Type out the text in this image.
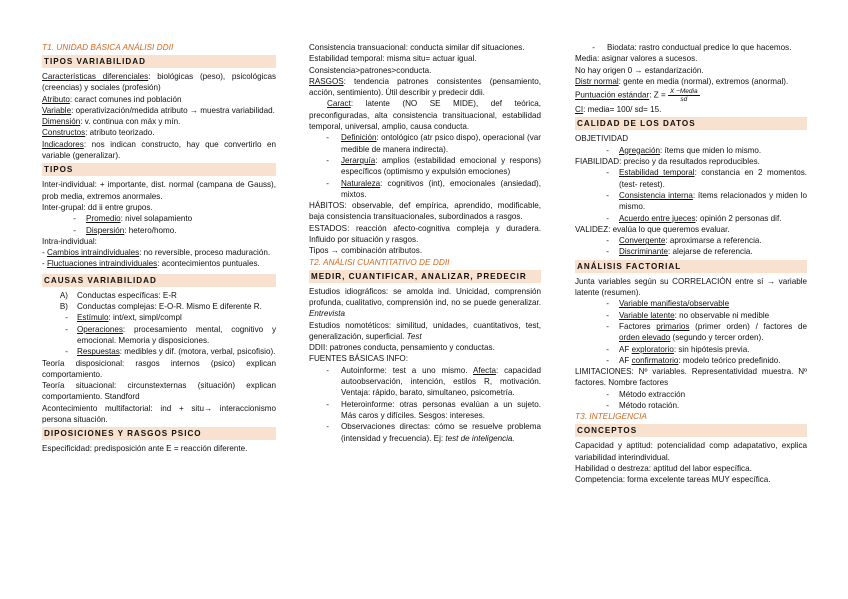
T1. UNIDAD BÁSICA ANÁLISI DDII
TIPOS VARIABILIDAD

Características diferenciales: biológicas (peso), psicológicas (creencias) y sociales (profesión)

Atributo: caract comunes ind población

Variable: operativización/medida atributo → muestra variabilidad.

Dimensión: v. continua con máx y mín.

Constructos: atributo teorizado.

Indicadores: nos indican constructo, hay que convertirlo en variable (generalizar).

TIPOS

Inter-individual: + importante, dist. normal (campana de Gauss), prob media, extremos anormales.

Inter-grupal: dd ii entre grupos.

-	Promedio: nivel solapamiento
-	Dispersión: hetero/homo.

Intra-individual:

- Cambios intraindividuales: no reversible, proceso maduración.

- Fluctuaciones intraindividuales: acontecimientos puntuales.

CAUSAS VARIABILIDAD
A)	Conductas específicas: E-R
B)	Conductas complejas: E-O-R. Mismo E diferente R.
-	Estímulo: int/ext, simpl/compl
-	Operaciones: procesamiento mental, cognitivo y emocional. Memoria y disposiciones.
-	Respuestas: medibles y dif. (motora, verbal, psicofisio).

Teoría disposicional: rasgos internos (psico) explican comportamiento.

Teoría situacional: circunstexternas (situación) explican comportamiento. Standford

Acontecimiento multifactorial: ind + situ→ interaccionismo persona situación.

DIPOSICIONES Y RASGOS PSICO

Especificidad: predisposición ante E = reacción diferente.

Consistencia transuacional: conducta similar dif situaciones.

Estabilidad temporal: misma situ= actuar igual.

Consistencia>patrones>conducta.

RASGOS: tendencia patrones consistentes (pensamiento, acción, sentimiento). Útil describir y predecir ddii.

Caract: latente (NO SE MIDE), def teórica, preconfiguradas, alta consistencia transituacional, estabilidad temporal, universal, amplio, causa conducta.

-	Definición: ontológico (atr psico dispo), operacional (var medible de manera indirecta).
-	Jerarquía: amplios (estabilidad emocional y respons) específicos (optimismo y expulsión emociones)
-	Naturaleza: cognitivos (int), emocionales (ansiedad), mixtos.

HÁBITOS: observable, def empírica, aprendido, modificable, baja consistencia transituacionales, subordinados a rasgos.

ESTADOS: reacción afecto-cognitiva compleja y duradera. Influido por situación y rasgos.

Tipos → combinación atributos.

T2. ANÁLISI CUANTITATIVO DE DDII
MEDIR, CUANTIFICAR, ANALIZAR, PREDECIR

Estudios idiográficos: se amolda ind. Unicidad, comprensión profunda, cualitativo, comprensión ind, no se puede generalizar. Entrevista

Estudios nomotéticos: similitud, unidades, cuantitativos, test, generalización, superficial. Test

DDII: patrones conducta, pensamiento y conductas.

FUENTES BÁSICAS INFO:

-	Autoinforme: test a uno mismo. Afecta: capacidad autoobservación, intención, estilos R, motivación. Ventaja: rápido, barato, simultaneo, psicometría.
-	Heteroinforme: otras personas evalúan a un sujeto. Más caros y difíciles. Sesgos: intereses.
-	Observaciones directas: cómo se resuelve problema (intensidad y frecuencia). Ej: test de inteligencia.
-	Biodata: rastro conductual predice lo que hacemos.

Media: asignar valores a sucesos.

No hay origen 0 → estandarización.

Distr normal: gente en media (normal), extremos (anormal).

Puntuación estándar: $Z = \frac{\text{X −Media}}{sd}$

CI: media= 100/ sd= 15.

CALIDAD DE LOS DATOS

OBJETIVIDAD

-	Agregación: ítems que miden lo mismo.

FIABILIDAD: preciso y da resultados reproducibles.

-	Estabilidad temporal: constancia en 2 momentos. (test- retest).
-	Consistencia interna: ítems relacionados y miden lo mismo.
-	Acuerdo entre jueces: opinión 2 personas dif.

VALIDEZ: evalúa lo que queremos evaluar.

-	Convergente: aproximarse a referencia.
-	Discriminante: alejarse de referencia.
ANÁLISIS FACTORIAL

Junta variables según su CORRELACIÓN entre sí → variable latente (resumen).

-	Variable manifiesta/observable
-	Variable latente: no observable ni medible
-	Factores primarios (primer orden) / factores de orden elevado (segundo y tercer orden).
-	AF exploratorio: sin hipótesis previa.
-	AF confirmatorio: modelo teórico predefinido.

LIMITACIONES: Nº variables. Representatividad muestra. Nº factores. Nombre factores

-	Método extracción
-	Método rotación.
T3. INTELIGENCIA
CONCEPTOS

Capacidad y aptitud: potencialidad comp adapatativo, explica variabilidad interindividual.

Habilidad o destreza: aptitud del labor específica.

Competencia: forma excelente tareas MUY específica.
